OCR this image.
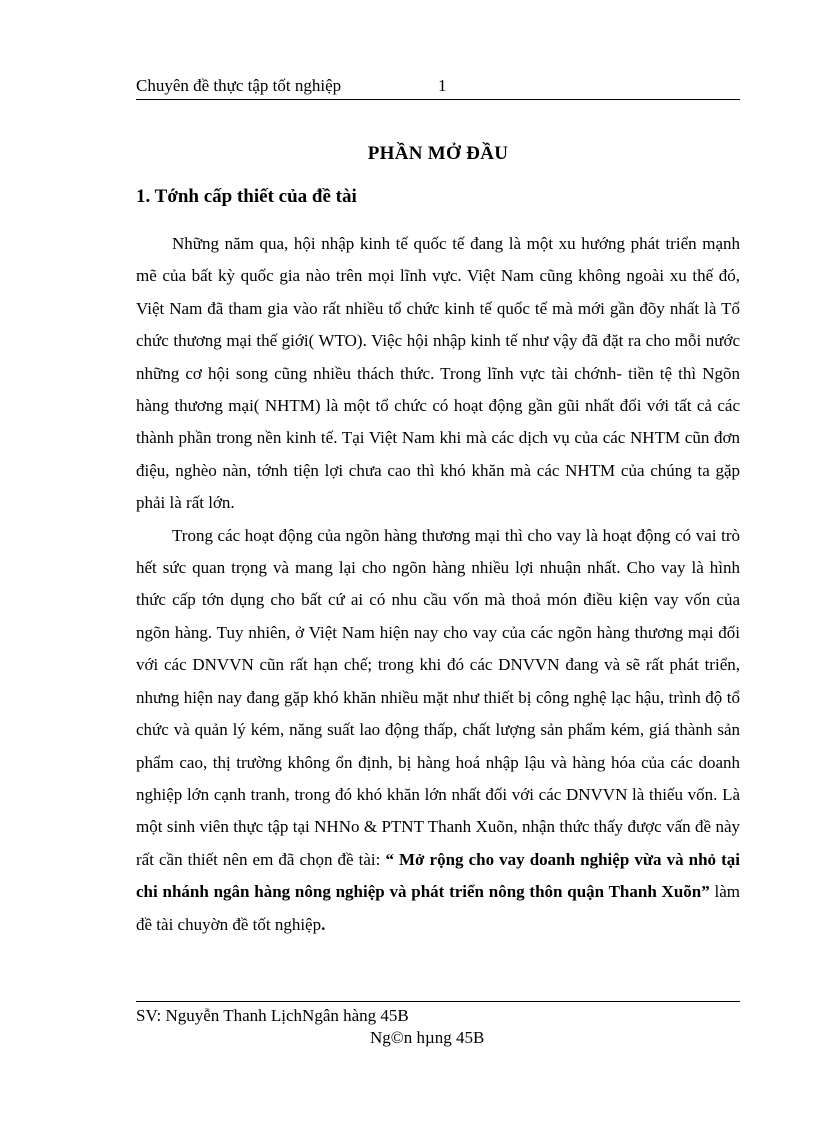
Chuyên đề thực tập tốt nghiệp	1
PHẦN MỞ ĐẦU
1. Tớnh cấp thiết của đề tài

Những năm qua, hội nhập kinh tế quốc tế đang là một xu hướng phát triển mạnh mẽ của bất kỳ quốc gia nào trên mọi lĩnh vực. Việt Nam cũng không ngoài xu thế đó, Việt Nam đã tham gia vào rất nhiều tổ chức kinh tế quốc tế mà mới gần đõy nhất là Tổ chức thương mại thế giới( WTO). Việc hội nhập kinh tế như vậy đã đặt ra cho mỗi nước những cơ hội song cũng nhiều thách thức. Trong lĩnh vực tài chớnh- tiền tệ thì Ngõn hàng thương mại( NHTM) là một tổ chức có hoạt động gần gũi nhất đối với tất cả các thành phần trong nền kinh tế. Tại Việt Nam khi mà các dịch vụ của các NHTM cũn đơn điệu, nghèo nàn, tớnh tiện lợi chưa cao thì khó khăn mà các NHTM của chúng ta gặp phải là rất lớn.

Trong các hoạt động của ngõn hàng thương mại thì cho vay là hoạt động có vai trò hết sức quan trọng và mang lại cho ngõn hàng nhiều lợi nhuận nhất. Cho vay là hình thức cấp tớn dụng cho bất cứ ai có nhu cầu vốn mà thoả món điều kiện vay vốn của ngõn hàng. Tuy nhiên, ở Việt Nam hiện nay cho vay của các ngõn hàng thương mại đối với các DNVVN cũn rất hạn chế; trong khi đó các DNVVN đang và sẽ rất phát triển, nhưng hiện nay đang gặp khó khăn nhiều mặt như thiết bị công nghệ lạc hậu, trình độ tổ chức và quản lý kém, năng suất lao động thấp, chất lượng sản phẩm kém, giá thành sản phẩm cao, thị trường không ổn định, bị hàng hoá nhập lậu và hàng hóa của các doanh nghiệp lớn cạnh tranh, trong đó khó khăn lớn nhất đối với các DNVVN là thiếu vốn. Là một sinh viên thực tập tại NHNo & PTNT Thanh Xuõn, nhận thức thấy được vấn đề này rất cần thiết nên em đã chọn đề tài: “ Mở rộng cho vay doanh nghiệp vừa và nhỏ tại chi nhánh ngân hàng nông nghiệp và phát triển nông thôn quận Thanh Xuõn” làm đề tài chuyờn đề tốt nghiệp.

SV: Nguyễn Thanh LịchNgân hàng 45B
Ng©n hµng 45B
